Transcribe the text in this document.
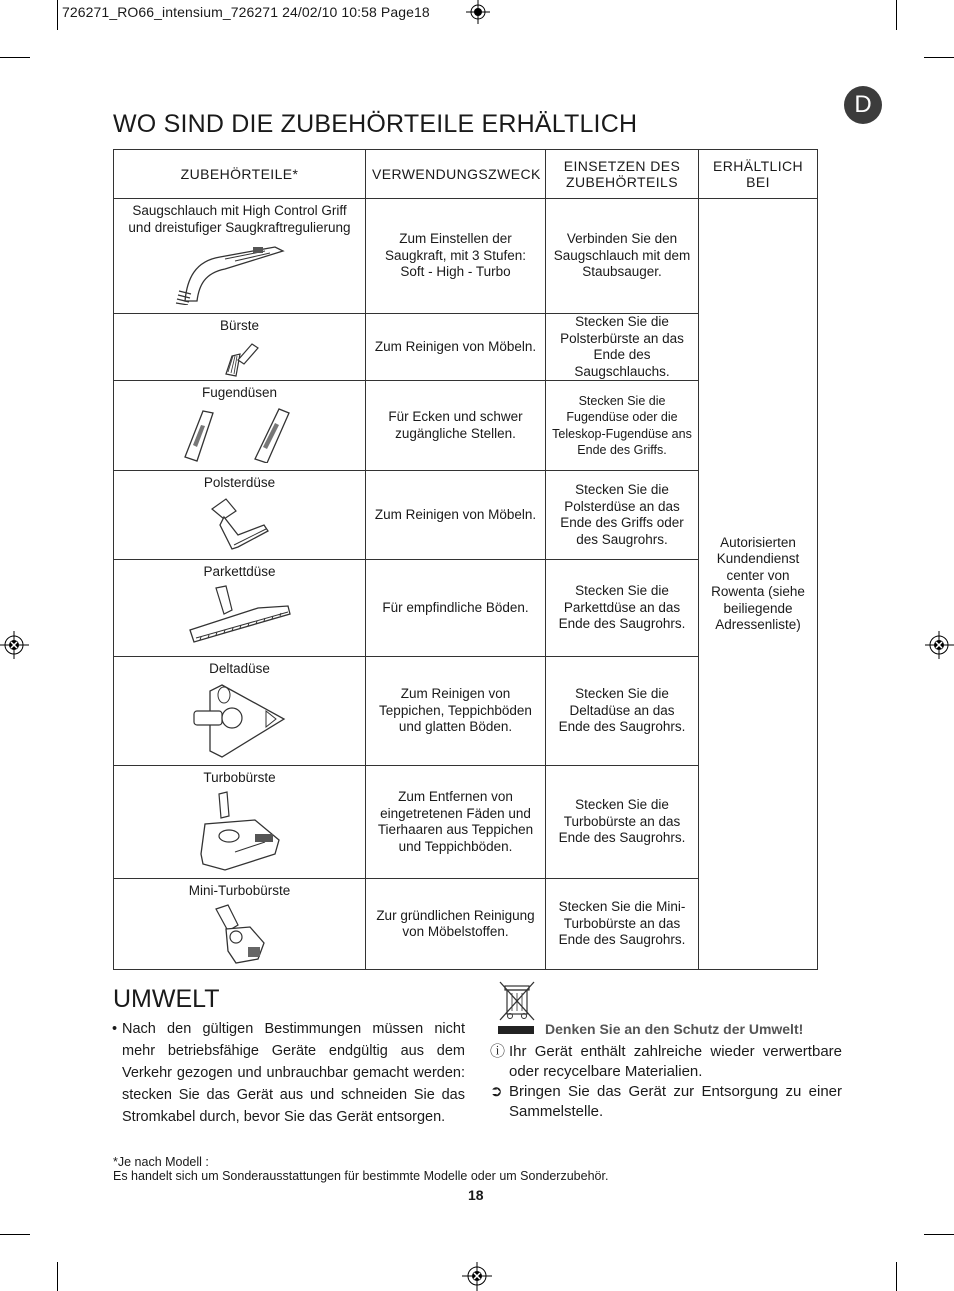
726271_RO66_intensium_726271 24/02/10 10:58 Page18
D
WO SIND DIE ZUBEHÖRTEILE ERHÄLTLICH
ZUBEHÖRTEILE*	VERWENDUNGSZWECK	EINSETZEN DES ZUBEHÖRTEILS	ERHÄLTLICH BEI

Saugschlauch mit High Control Griff und dreistufiger Saugkraftregulierung	Zum Einstellen der Saugkraft, mit 3 Stufen: Soft - High - Turbo	Verbinden Sie den Saugschlauch mit dem Staubsauger.	Autorisierten Kundendienst center von Rowenta (siehe beiliegende Adressenliste)

Bürste	Zum Reinigen von Möbeln.	Stecken Sie die Polsterbürste an das Ende des Saugschlauchs.	

Fugendüsen	Für Ecken und schwer zugängliche Stellen.	Stecken Sie die Fugendüse oder die Teleskop-Fugendüse ans Ende des Griffs.	

Polsterdüse	Zum Reinigen von Möbeln.	Stecken Sie die Polsterdüse an das Ende des Griffs oder des Saugrohrs.	

Parkettdüse	Für empfindliche Böden.	Stecken Sie die Parkettdüse an das Ende des Saugrohrs.	

Deltadüse	Zum Reinigen von Teppichen, Teppichböden und glatten Böden.	Stecken Sie die Deltadüse an das Ende des Saugrohrs.	

Turbobürste	Zum Entfernen von eingetretenen Fäden und Tierhaaren aus Teppichen und Teppichböden.	Stecken Sie die Turbobürste an das Ende des Saugrohrs.	

Mini-Turbobürste	Zur gründlichen Reinigung von Möbelstoffen.	Stecken Sie die Mini-Turbobürste an das Ende des Saugrohrs.	
UMWELT
• Nach den gültigen Bestimmungen müssen nicht mehr betriebsfähige Geräte endgültig aus dem Verkehr gezogen und unbrauchbar gemacht werden: stecken Sie das Gerät aus und schneiden Sie das Stromkabel durch, bevor Sie das Gerät entsorgen.
Denken Sie an den Schutz der Umwelt!
ⓘ Ihr Gerät enthält zahlreiche wieder verwertbare oder recycelbare Materialien.
➲ Bringen Sie das Gerät zur Entsorgung zu einer Sammelstelle.
*Je nach Modell :
Es handelt sich um Sonderausstattungen für bestimmte Modelle oder um Sonderzubehör.
18
